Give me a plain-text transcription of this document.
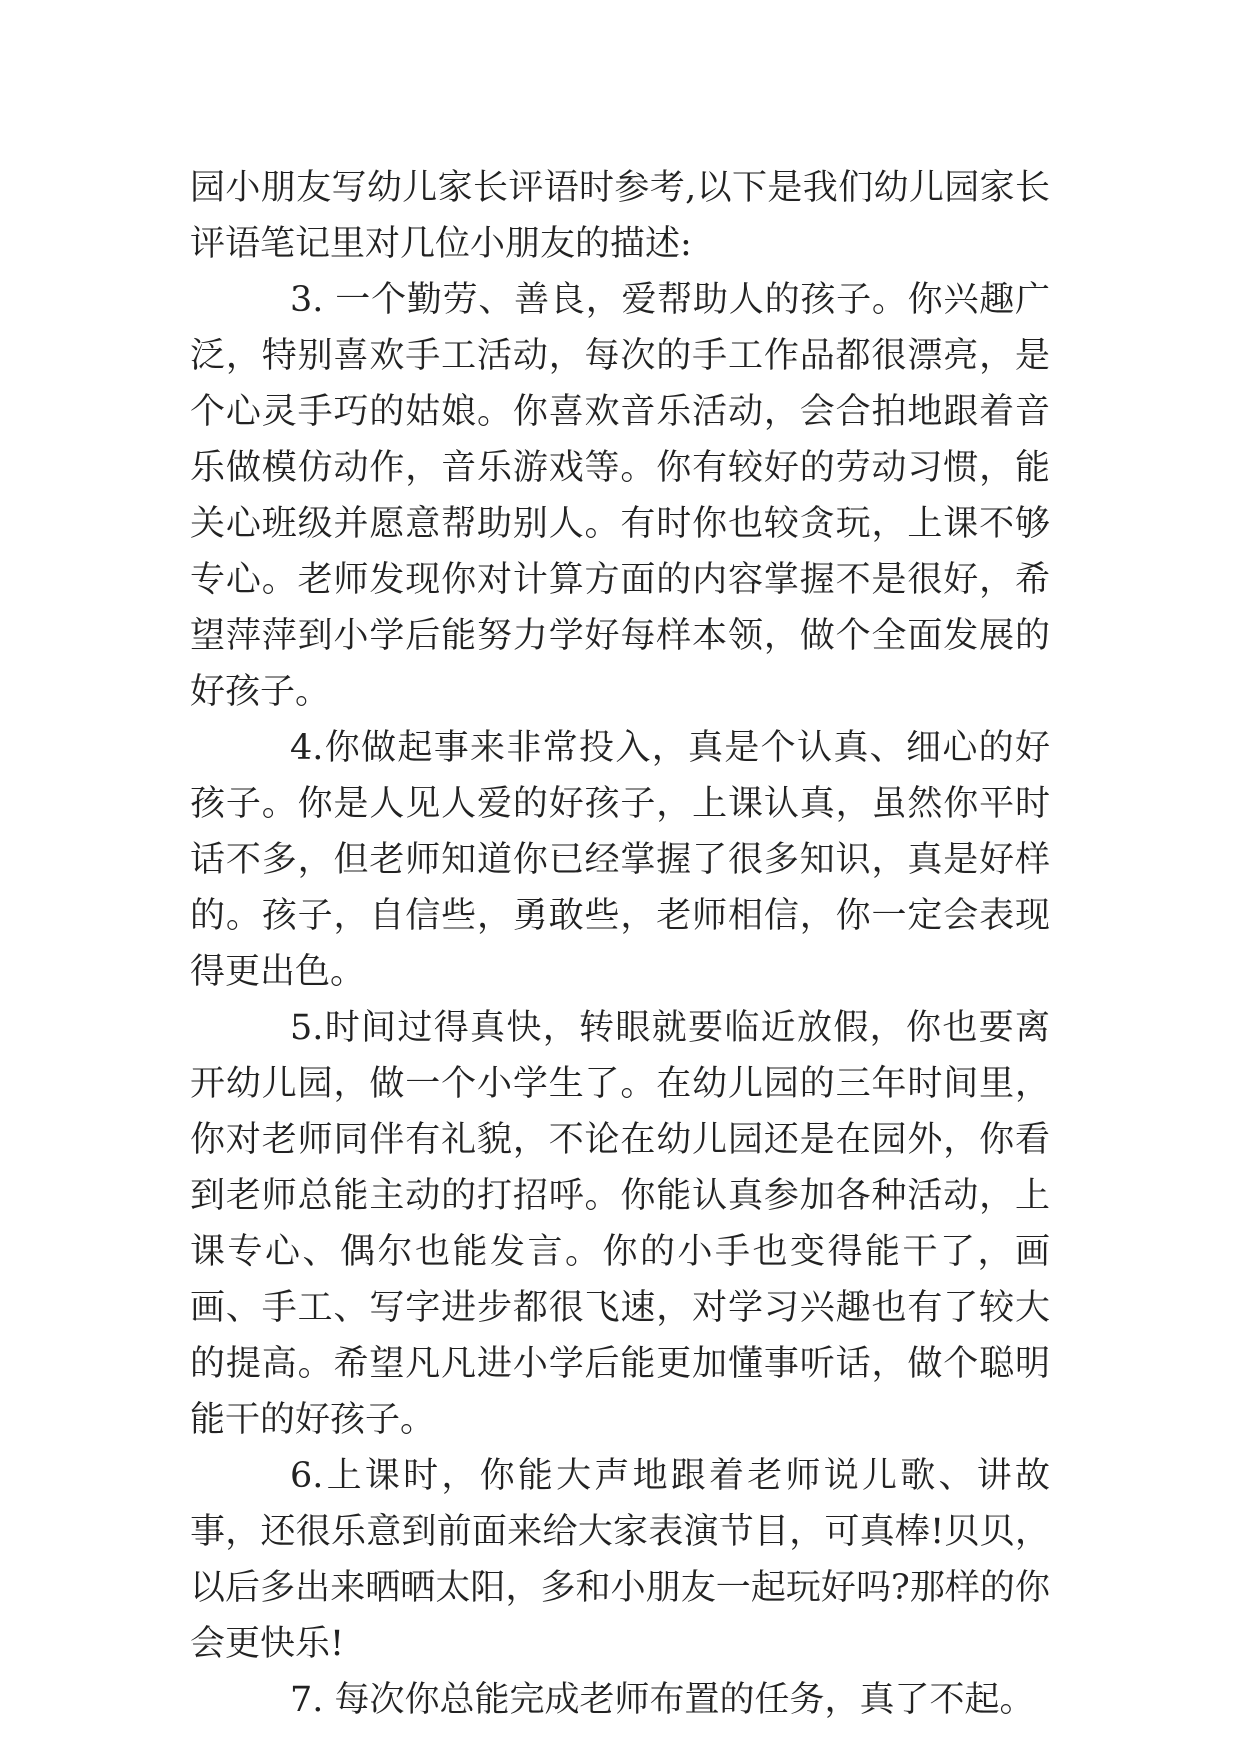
园小朋友写幼儿家长评语时参考,以下是我们幼儿园家长评语笔记里对几位小朋友的描述:

3. 一个勤劳、善良，爱帮助人的孩子。你兴趣广泛，特别喜欢手工活动，每次的手工作品都很漂亮，是个心灵手巧的姑娘。你喜欢音乐活动，会合拍地跟着音乐做模仿动作，音乐游戏等。你有较好的劳动习惯，能关心班级并愿意帮助别人。有时你也较贪玩，上课不够专心。老师发现你对计算方面的内容掌握不是很好，希望萍萍到小学后能努力学好每样本领，做个全面发展的好孩子。

4.你做起事来非常投入，真是个认真、细心的好孩子。你是人见人爱的好孩子，上课认真，虽然你平时话不多，但老师知道你已经掌握了很多知识，真是好样的。孩子，自信些，勇敢些，老师相信，你一定会表现得更出色。

5.时间过得真快，转眼就要临近放假，你也要离开幼儿园，做一个小学生了。在幼儿园的三年时间里，你对老师同伴有礼貌，不论在幼儿园还是在园外，你看到老师总能主动的打招呼。你能认真参加各种活动，上课专心、偶尔也能发言。你的小手也变得能干了，画画、手工、写字进步都很飞速，对学习兴趣也有了较大的提高。希望凡凡进小学后能更加懂事听话，做个聪明能干的好孩子。

6.上课时，你能大声地跟着老师说儿歌、讲故事，还很乐意到前面来给大家表演节目，可真棒!贝贝，以后多出来晒晒太阳，多和小朋友一起玩好吗?那样的你会更快乐!

7. 每次你总能完成老师布置的任务，真了不起。
